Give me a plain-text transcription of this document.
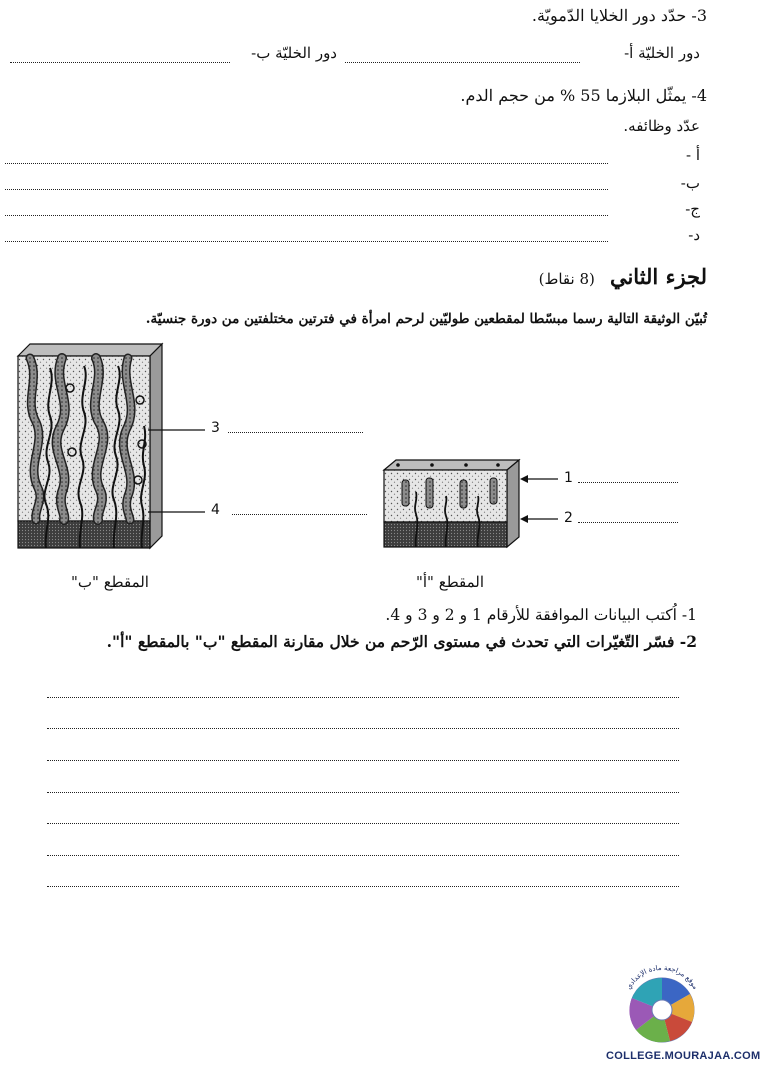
3- حدّد دور الخلايا الدّمويّة.
دور الخليّة أ-
دور الخليّة ب-
4- يمثّل البلازما 55 % من حجم الدم.
عدّد وظائفه.
أ -
ب-
ج-
د-
لجزء الثاني (8 نقاط)
تُبيّن الوثيقة التالية رسما مبسّطا لمقطعين طوليّين لرحم امرأة في فترتين مختلفتين من دورة جنسيّة.
3
4
1
2
المقطع "ب"	المقطع "أ"
1- اُكتب البيانات الموافقة للأرقام 1 و 2 و 3 و 4.
2- فسّر التّغيّرات التي تحدث في مستوى الرّحم من خلال مقارنة المقطع "ب" بالمقطع "أ".
موقع مراجعة مادة الإعدادي
COLLEGE.MOURAJAA.COM
